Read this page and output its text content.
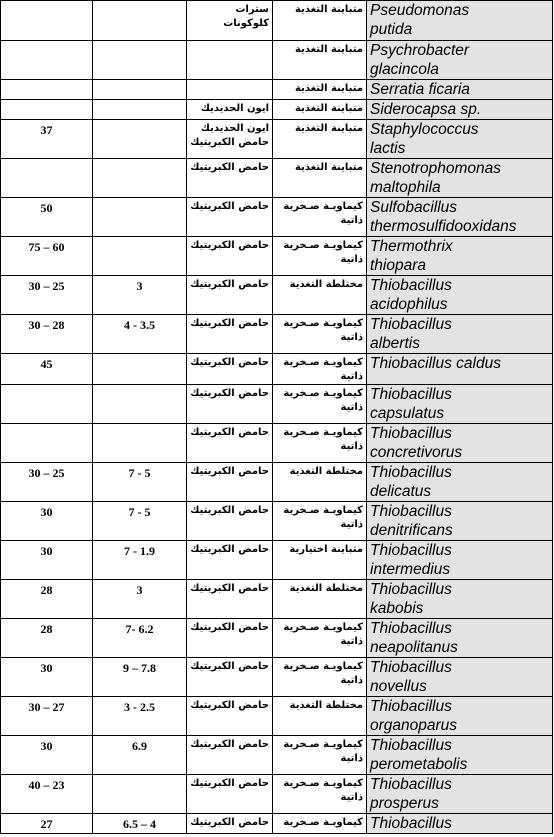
		سترات كلوكونات	متباينة التغذية	Pseudomonas
putida

			متباينة التغذية	Psychrobacter
glacincola

			متباينة التغذية	Serratia ficaria

		ايون الحديديك	متباينة التغذية	Siderocapsa sp.

37		ايون الحديديك حامض الكبريتيك	متباينة التغذية	Staphylococcus
lactis

		حامض الكبريتيك	متباينة التغذية	Stenotrophomonas
maltophila

50		حامض الكبريتيك	كيماويـة صـخرية ذاتية	Sulfobacillus
thermosulfidooxidans

75 – 60		حامض الكبريتيك	كيماويـة صـخرية ذاتية	Thermothrix
thiopara

30 – 25	3	حامض الكبريتيك	مختلطة التغذية	Thiobacillus
acidophilus

30 – 28	4 - 3.5	حامض الكبريتيك	كيماويـة صـخرية ذاتية	Thiobacillus
albertis

45		حامض الكبريتيك	كيماويـة صـخرية ذاتية	Thiobacillus caldus

		حامض الكبريتيك	كيماويـة صـخرية ذاتية	Thiobacillus
capsulatus

		حامض الكبريتيك	كيماويـة صـخرية ذاتية	Thiobacillus
concretivorus

30 – 25	7 - 5	حامض الكبريتيك	مختلطة التغذية	Thiobacillus
delicatus

30	7 - 5	حامض الكبريتيك	كيماويـة صـخرية ذاتية	Thiobacillus
denitrificans

30	7 - 1.9	حامض الكبريتيك	متباينة اختيارية	Thiobacillus
intermedius

28	3	حامض الكبريتيك	مختلطة التغذية	Thiobacillus
kabobis

28	7- 6.2	حامض الكبريتيك	كيماويـة صـخرية ذاتية	Thiobacillus
neapolitanus

30	9 – 7.8	حامض الكبريتيك	كيماويـة صـخرية ذاتية	Thiobacillus
novellus

30 – 27	3 - 2.5	حامض الكبريتيك	مختلطة التغذية	Thiobacillus
organoparus

30	6.9	حامض الكبريتيك	كيماويـة صـخرية ذاتية	Thiobacillus
perometabolis

40 – 23		حامض الكبريتيك	كيماويـة صـخرية ذاتية	Thiobacillus
prosperus

27	6.5 – 4	حامض الكبريتيك	كيماويـة صـخرية	Thiobacillus
